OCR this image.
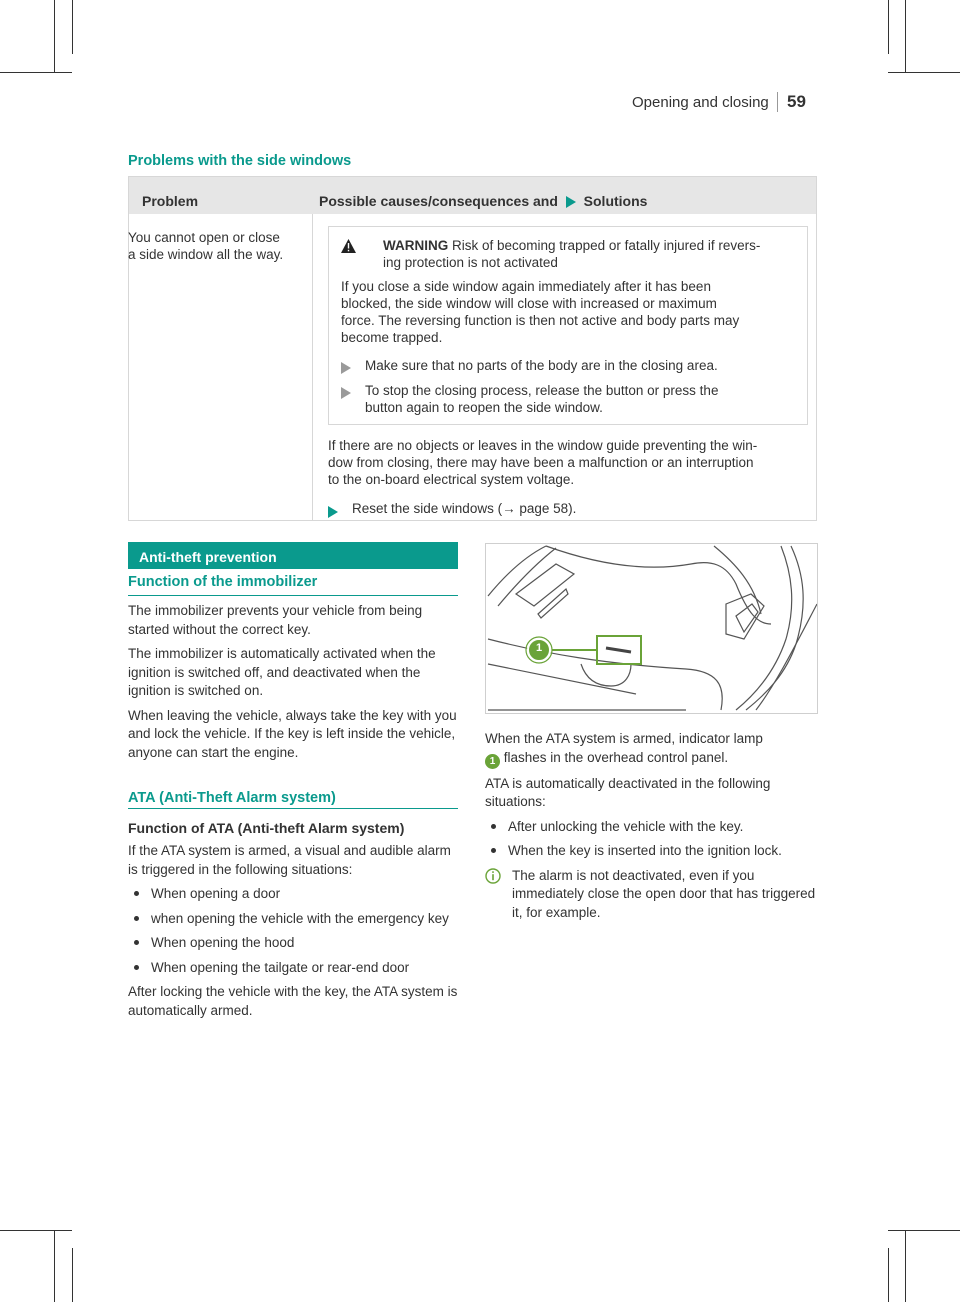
Opening and closing 59
Problems with the side windows
Problem	Possible causes/consequences and Solutions
You cannot open or close
a side window all the way.
WARNING Risk of becoming trapped or fatally injured if revers-
ing protection is not activated
If you close a side window again immediately after it has been
blocked, the side window will close with increased or maximum
force. The reversing function is then not active and body parts may
become trapped.
Make sure that no parts of the body are in the closing area.
To stop the closing process, release the button or press the
button again to reopen the side window.
If there are no objects or leaves in the window guide preventing the win-
dow from closing, there may have been a malfunction or an interruption
to the on-board electrical system voltage.
Reset the side windows (→ page 58).
Anti-theft prevention
Function of the immobilizer

The immobilizer prevents your vehicle from being started without the correct key.

The immobilizer is automatically activated when the ignition is switched off, and deactivated when the ignition is switched on.

When leaving the vehicle, always take the key with you and lock the vehicle. If the key is left inside the vehicle, anyone can start the engine.

ATA (Anti-Theft Alarm system)
Function of ATA (Anti-theft Alarm system)

If the ATA system is armed, a visual and audible alarm is triggered in the following situations:

When opening a door
when opening the vehicle with the emergency key
When opening the hood
When opening the tailgate or rear-end door

After locking the vehicle with the key, the ATA system is automatically armed.

1
When the ATA system is armed, indicator lamp
1 flashes in the overhead control panel.

ATA is automatically deactivated in the following situations:

After unlocking the vehicle with the key.
When the key is inserted into the ignition lock.
The alarm is not deactivated, even if you immediately close the open door that has triggered it, for example.
